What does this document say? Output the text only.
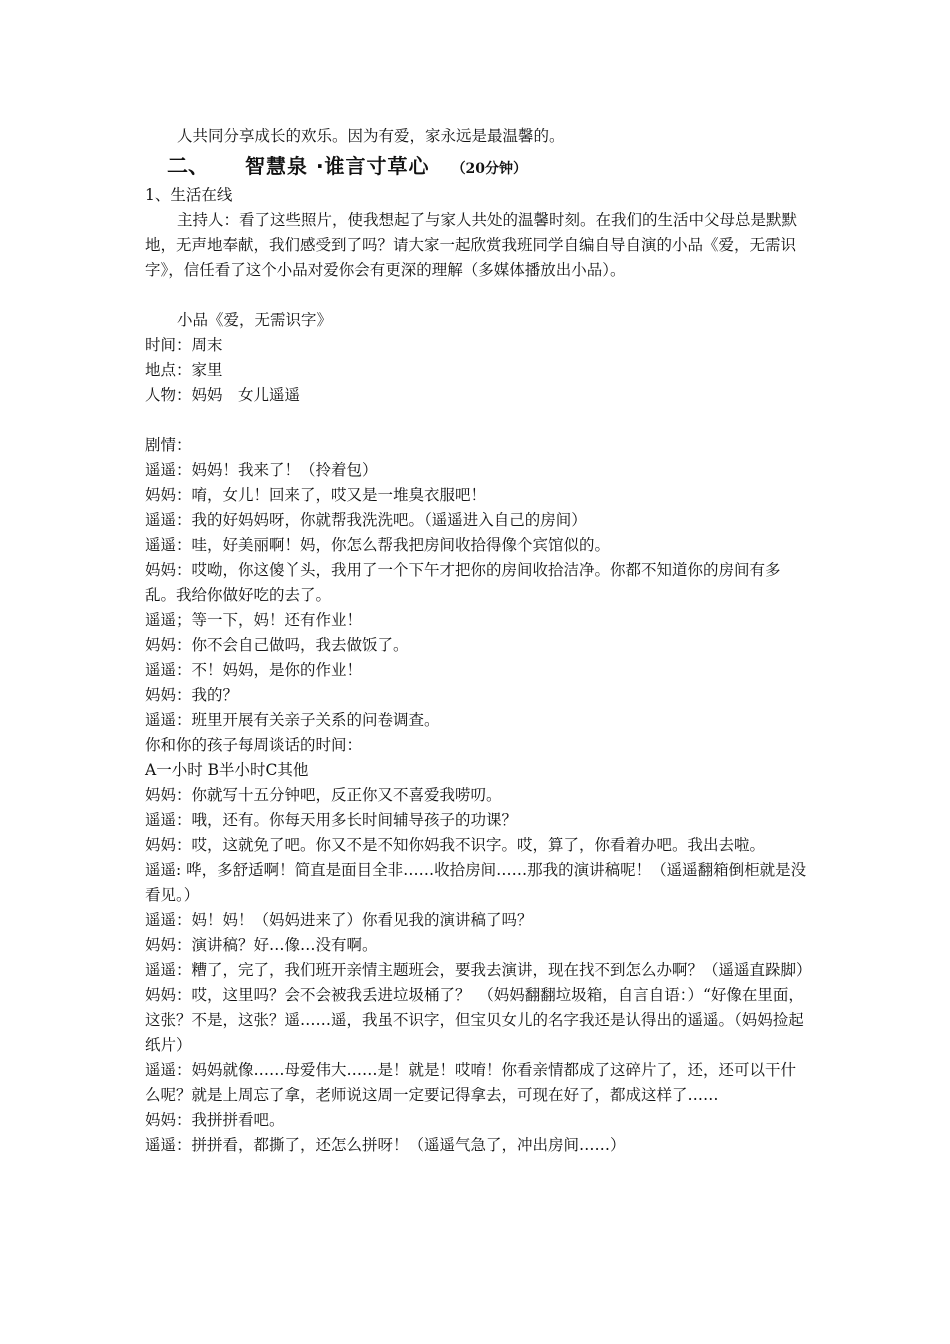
人共同分享成长的欢乐。因为有爱，家永远是最温馨的。
二、	智慧泉 ·谁言寸草心 （20分钟）
1、生活在线
主持人：看了这些照片，使我想起了与家人共处的温馨时刻。在我们的生活中父母总是默默地，无声地奉献，我们感受到了吗？请大家一起欣赏我班同学自编自导自演的小品《爱，无需识字》，信任看了这个小品对爱你会有更深的理解（多媒体播放出小品）。
小品《爱，无需识字》
时间：周末
地点：家里
人物：妈妈　女儿遥遥
剧情：
遥遥：妈妈！我来了！（拎着包）
妈妈：唷，女儿！回来了，哎又是一堆臭衣服吧！
遥遥：我的好妈妈呀，你就帮我洗洗吧。（遥遥进入自己的房间）
遥遥：哇，好美丽啊！妈，你怎么帮我把房间收拾得像个宾馆似的。
妈妈：哎呦，你这傻丫头，我用了一个下午才把你的房间收拾洁净。你都不知道你的房间有多乱。我给你做好吃的去了。
遥遥；等一下，妈！还有作业！
妈妈：你不会自己做吗，我去做饭了。
遥遥：不！妈妈，是你的作业！
妈妈：我的？
遥遥：班里开展有关亲子关系的问卷调查。
你和你的孩子每周谈话的时间：
A一小时 B半小时C其他
妈妈：你就写十五分钟吧，反正你又不喜爱我唠叨。
遥遥：哦，还有。你每天用多长时间辅导孩子的功课？
妈妈：哎，这就免了吧。你又不是不知你妈我不识字。哎，算了，你看着办吧。我出去啦。
遥遥: 哗，多舒适啊！简直是面目全非……收拾房间……那我的演讲稿呢！（遥遥翻箱倒柜就是没看见。）
遥遥：妈！妈！（妈妈进来了）你看见我的演讲稿了吗？
妈妈：演讲稿？好…像…没有啊。
遥遥：糟了，完了，我们班开亲情主题班会，要我去演讲，现在找不到怎么办啊？（遥遥直跺脚）
妈妈：哎，这里吗？会不会被我丢进垃圾桶了？　（妈妈翻翻垃圾箱，自言自语：）“好像在里面，这张？不是，这张？遥……遥，我虽不识字，但宝贝女儿的名字我还是认得出的遥遥。（妈妈捡起纸片）
遥遥：妈妈就像……母爱伟大……是！就是！哎唷！你看亲情都成了这碎片了，还，还可以干什么呢？就是上周忘了拿，老师说这周一定要记得拿去，可现在好了，都成这样了……
妈妈：我拼拼看吧。
遥遥：拼拼看，都撕了，还怎么拼呀！（遥遥气急了，冲出房间……）
